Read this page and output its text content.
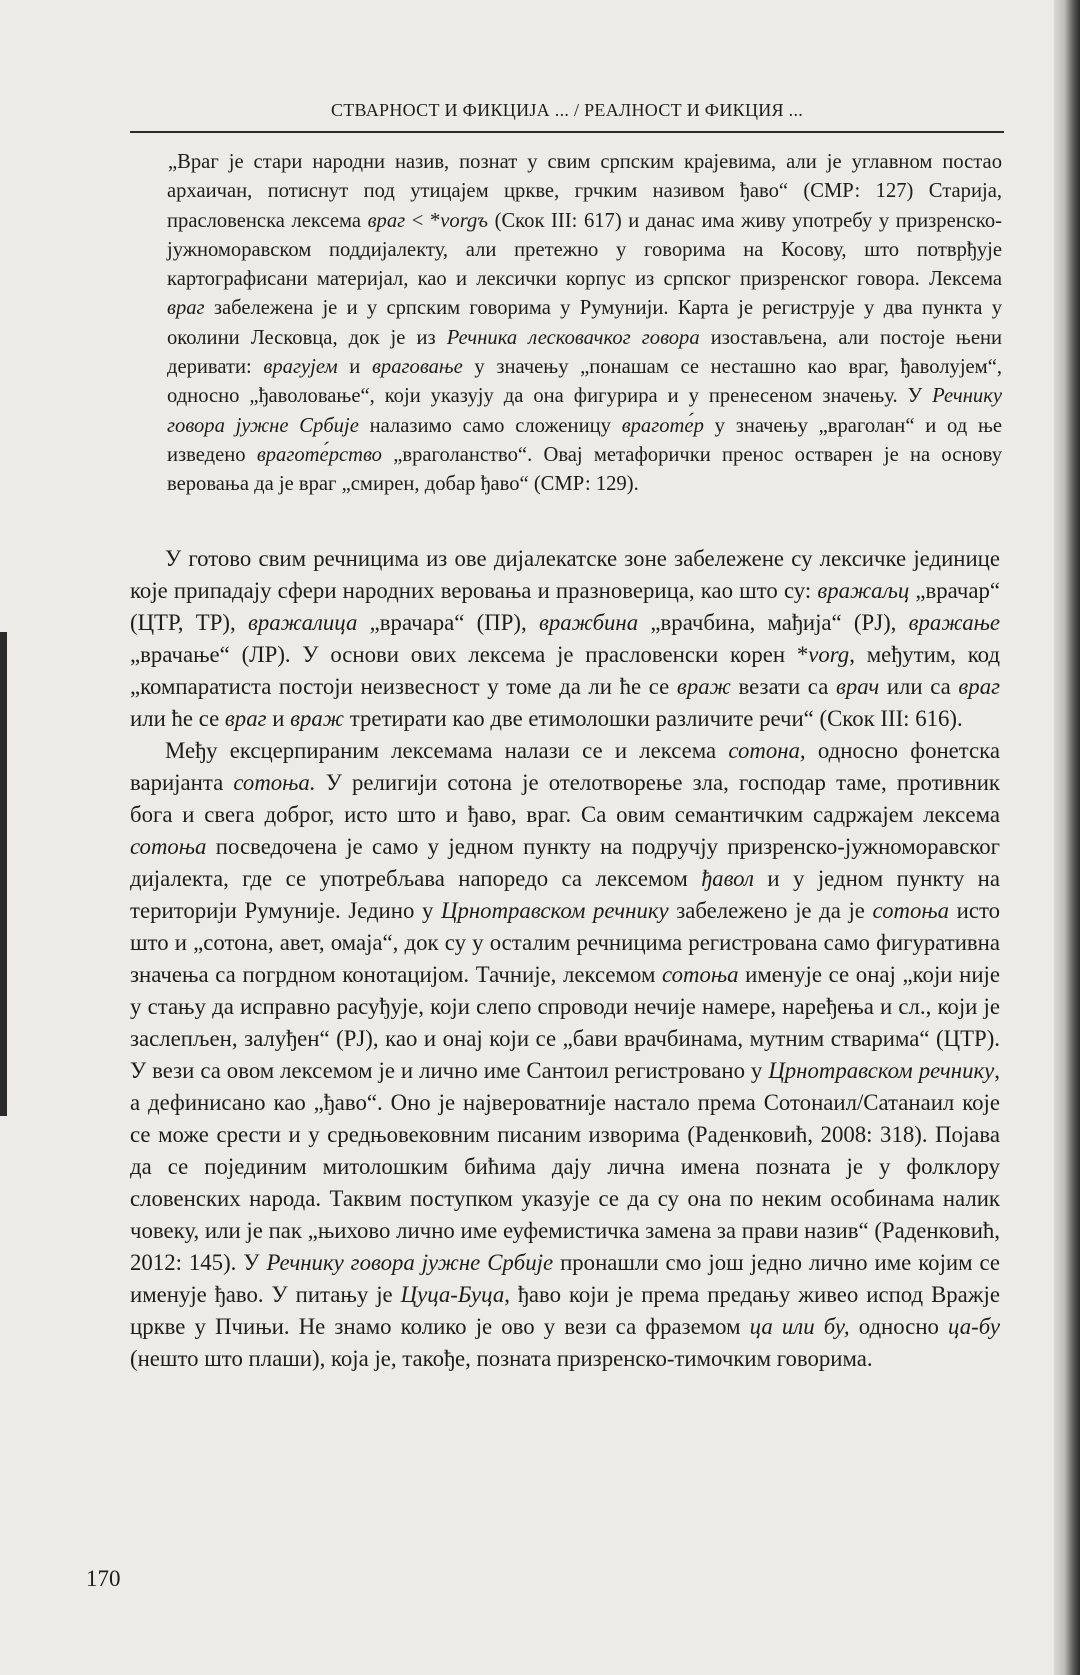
СТВАРНОСТ И ФИКЦИЈА ... / РЕАЛНОСТ И ФИКЦИЯ ...
„Враг је стари народни назив, познат у свим српским крајевима, али је углавном постао архаичан, потиснут под утицајем цркве, грчким називом ђаво“ (СМР: 127) Старија, прасловенска лексема враг < *vorgъ (Скок III: 617) и данас има живу употребу у призренско-јужноморавском поддијалекту, али претежно у говорима на Косову, што потврђује картографисани материјал, као и лексички корпус из српског призренског говора. Лексема враг забележена је и у српским говорима у Румунији. Карта је региструје у два пункта у околини Лесковца, док је из Речника лесковачког говора изостављена, али постоје њени деривати: врагујем и враговање у значењу „понашам се несташно као враг, ђаволујем“, односно „ђаволовање“, који указују да она фигурира и у пренесеном значењу. У Речнику говора јужне Србије налазимо само сложеницу враготе́р у значењу „враголан“ и од ње изведено враготе́рство „враголанство“. Овај метафорички пренос остварен је на основу веровања да је враг „смирен, добар ђаво“ (СМР: 129).

У готово свим речницима из ове дијалекатске зоне забележене су лексичке јединице које припадају сфери народних веровања и празноверица, као што су: вражаљц „врачар“ (ЦТР, ТР), вражалица „врачара“ (ПР), вражбина „врачбина, мађија“ (РЈ), вражање „врачање“ (ЛР). У основи ових лексема је прасловенски корен *vorg, међутим, код „компаратиста постоји неизвесност у томе да ли ће се враж везати са врач или са враг или ће се враг и враж третирати као две етимолошки различите речи“ (Скок III: 616).

Међу ексцерпираним лексемама налази се и лексема сотона, односно фонетска варијанта сотоња. У религији сотона је отелотворење зла, господар таме, противник бога и свега доброг, исто што и ђаво, враг. Са овим семантичким садржајем лексема сотоња посведочена је само у једном пункту на подручју призренско-јужноморавског дијалекта, где се употребљава напоредо са лексемом ђавол и у једном пункту на територији Румуније. Једино у Црнотравском речнику забележено је да је сотоња исто што и „сотона, авет, омаја“, док су у осталим речницима регистрована само фигуративна значења са погрдном конотацијом. Тачније, лексемом сотоња именује се онај „који није у стању да исправно расуђује, који слепо спроводи нечије намере, наређења и сл., који је заслепљен, залуђен“ (РЈ), као и онај који се „бави врачбинама, мутним стварима“ (ЦТР). У вези са овом лексемом је и лично име Сантоил регистровано у Црнотравском речнику, а дефинисано као „ђаво“. Оно је највероватније настало према Сотонаил/Сатанаил које се може срести и у средњовековним писаним изворима (Раденковић, 2008: 318). Појава да се појединим митолошким бићима дају лична имена позната је у фолклору словенских народа. Таквим поступком указује се да су она по неким особинама налик човеку, или је пак „њихово лично име еуфемистичка замена за прави назив“ (Раденковић, 2012: 145). У Речнику говора јужне Србије пронашли смо још једно лично име којим се именује ђаво. У питању је Цуца-Буца, ђаво који је према предању живео испод Вражје цркве у Пчињи. Не знамо колико је ово у вези са фраземом ца или бу, односно ца-бу (нешто што плаши), која је, такође, позната призренско-тимочким говорима.

170
